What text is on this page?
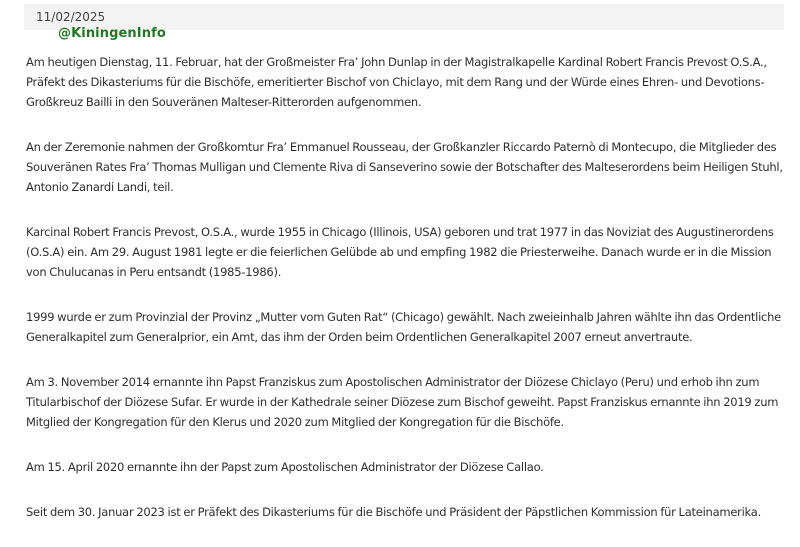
11/02/2025
@KiningenInfo

Am heutigen Dienstag, 11. Februar, hat der Großmeister Fra’ John Dunlap in der Magistralkapelle Kardinal Robert Francis Prevost O.S.A.,
Präfekt des Dikasteriums für die Bischöfe, emeritierter Bischof von Chiclayo, mit dem Rang und der Würde eines Ehren- und Devotions-
Großkreuz Bailli in den Souveränen Malteser-Ritterorden aufgenommen.

An der Zeremonie nahmen der Großkomtur Fra’ Emmanuel Rousseau, der Großkanzler Riccardo Paternò di Montecupo, die Mitglieder des
Souveränen Rates Fra’ Thomas Mulligan und Clemente Riva di Sanseverino sowie der Botschafter des Malteserordens beim Heiligen Stuhl,
Antonio Zanardi Landi, teil.

Karcinal Robert Francis Prevost, O.S.A., wurde 1955 in Chicago (Illinois, USA) geboren und trat 1977 in das Noviziat des Augustinerordens
(O.S.A) ein. Am 29. August 1981 legte er die feierlichen Gelübde ab und empfing 1982 die Priesterweihe. Danach wurde er in die Mission
von Chulucanas in Peru entsandt (1985-1986).

1999 wurde er zum Provinzial der Provinz „Mutter vom Guten Rat“ (Chicago) gewählt. Nach zweieinhalb Jahren wählte ihn das Ordentliche
Generalkapitel zum Generalprior, ein Amt, das ihm der Orden beim Ordentlichen Generalkapitel 2007 erneut anvertraute.

Am 3. November 2014 ernannte ihn Papst Franziskus zum Apostolischen Administrator der Diözese Chiclayo (Peru) und erhob ihn zum
Titularbischof der Diözese Sufar. Er wurde in der Kathedrale seiner Diözese zum Bischof geweiht. Papst Franziskus ernannte ihn 2019 zum
Mitglied der Kongregation für den Klerus und 2020 zum Mitglied der Kongregation für die Bischöfe.

Am 15. April 2020 ernannte ihn der Papst zum Apostolischen Administrator der Diözese Callao.

Seit dem 30. Januar 2023 ist er Präfekt des Dikasteriums für die Bischöfe und Präsident der Päpstlichen Kommission für Lateinamerika.
